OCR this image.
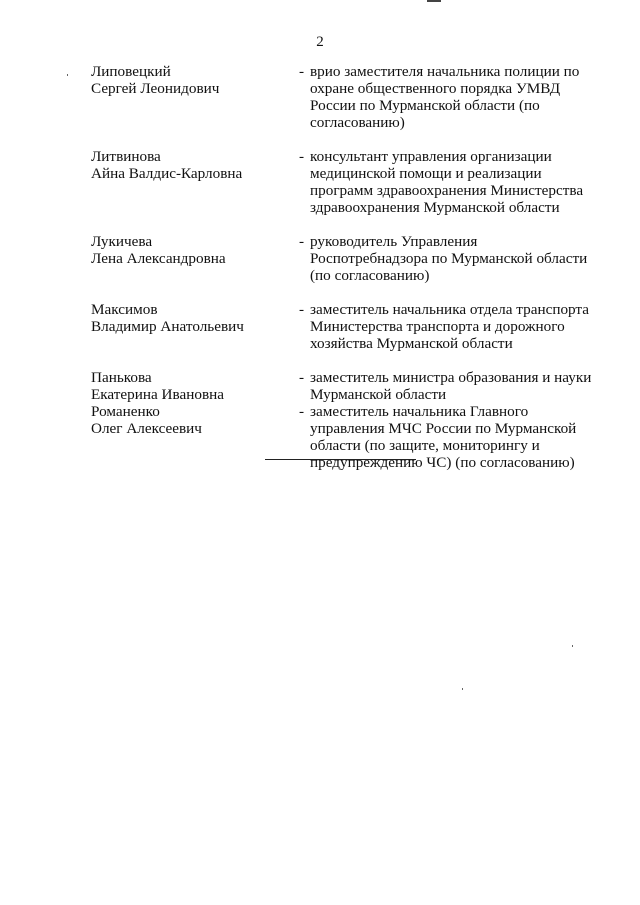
2
Липовецкий
Сергей Леонидович
- врио заместителя начальника полиции по
охране общественного порядка УМВД
России по Мурманской области (по
согласованию)
Литвинова
Айна Валдис-Карловна
- консультант управления организации
медицинской помощи и реализации
программ здравоохранения Министерства
здравоохранения Мурманской области
Лукичева
Лена Александровна
- руководитель Управления
Роспотребнадзора по Мурманской области
(по согласованию)
Максимов
Владимир Анатольевич
- заместитель начальника отдела транспорта
Министерства транспорта и дорожного
хозяйства Мурманской области
Панькова
Екатерина Ивановна
- заместитель министра образования и науки
Мурманской области
Романенко
Олег Алексеевич
- заместитель начальника Главного
управления МЧС России по Мурманской
области (по защите, мониторингу и
предупреждению ЧС) (по согласованию)
